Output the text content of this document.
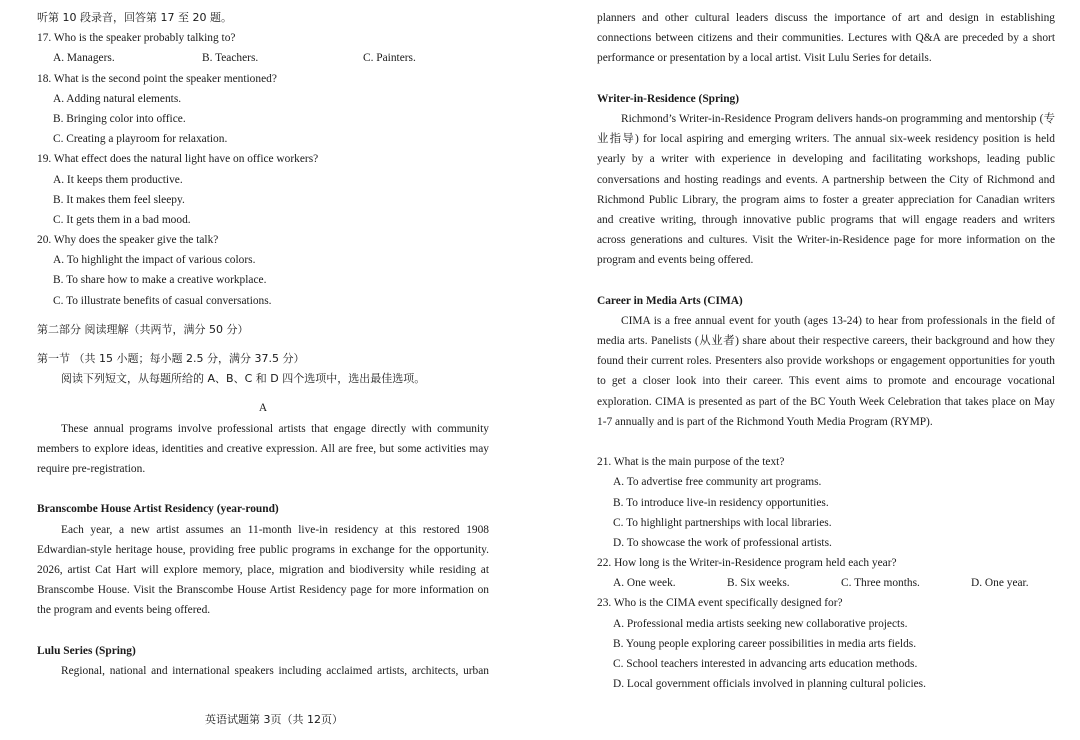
听第 10 段录音，回答第 17 至 20 题。
17. Who is the speaker probably talking to?
A. Managers.	B. Teachers.	C. Painters.
18. What is the second point the speaker mentioned?
A. Adding natural elements.
B. Bringing color into office.
C. Creating a playroom for relaxation.
19. What effect does the natural light have on office workers?
A. It keeps them productive.
B. It makes them feel sleepy.
C. It gets them in a bad mood.
20. Why does the speaker give the talk?
A. To highlight the impact of various colors.
B. To share how to make a creative workplace.
C. To illustrate benefits of casual conversations.
第二部分 阅读理解（共两节，满分 50 分）
第一节 （共 15 小题；每小题 2.5 分，满分 37.5 分）
阅读下列短文，从每题所给的 A、B、C 和 D 四个选项中，选出最佳选项。
A
These annual programs involve professional artists that engage directly with community
members to explore ideas, identities and creative expression. All are free, but some activities may
require pre-registration.
Branscombe House Artist Residency (year-round)
Each year, a new artist assumes an 11-month live-in residency at this restored 1908
Edwardian-style heritage house, providing free public programs in exchange for the opportunity.
2026, artist Cat Hart will explore memory, place, migration and biodiversity while residing at
Branscombe House. Visit the Branscombe House Artist Residency page for more information on
the program and events being offered.
Lulu Series (Spring)
Regional, national and international speakers including acclaimed artists, architects, urban
planners and other cultural leaders discuss the importance of art and design in establishing
connections between citizens and their communities. Lectures with Q&A are preceded by a short
performance or presentation by a local artist. Visit Lulu Series for details.
Writer-in-Residence (Spring)
Richmond’s Writer-in-Residence Program delivers hands-on programming and mentorship (专
业指导) for local aspiring and emerging writers. The annual six-week residency position is held
yearly by a writer with experience in developing and facilitating workshops, leading public
conversations and hosting readings and events. A partnership between the City of Richmond and
Richmond Public Library, the program aims to foster a greater appreciation for Canadian writers
and creative writing, through innovative public programs that will engage readers and writers
across generations and cultures. Visit the Writer-in-Residence page for more information on the
program and events being offered.
Career in Media Arts (CIMA)
CIMA is a free annual event for youth (ages 13-24) to hear from professionals in the field of
media arts. Panelists (从业者) share about their respective careers, their background and how they
found their current roles. Presenters also provide workshops or engagement opportunities for youth
to get a closer look into their career. This event aims to promote and encourage vocational
exploration. CIMA is presented as part of the BC Youth Week Celebration that takes place on May
1-7 annually and is part of the Richmond Youth Media Program (RYMP).
21. What is the main purpose of the text?
A. To advertise free community art programs.
B. To introduce live-in residency opportunities.
C. To highlight partnerships with local libraries.
D. To showcase the work of professional artists.
22. How long is the Writer-in-Residence program held each year?
A. One week.	B. Six weeks.	C. Three months.	D. One year.
23. Who is the CIMA event specifically designed for?
A. Professional media artists seeking new collaborative projects.
B. Young people exploring career possibilities in media arts fields.
C. School teachers interested in advancing arts education methods.
D. Local government officials involved in planning cultural policies.
英语试题第 3页（共 12页）
